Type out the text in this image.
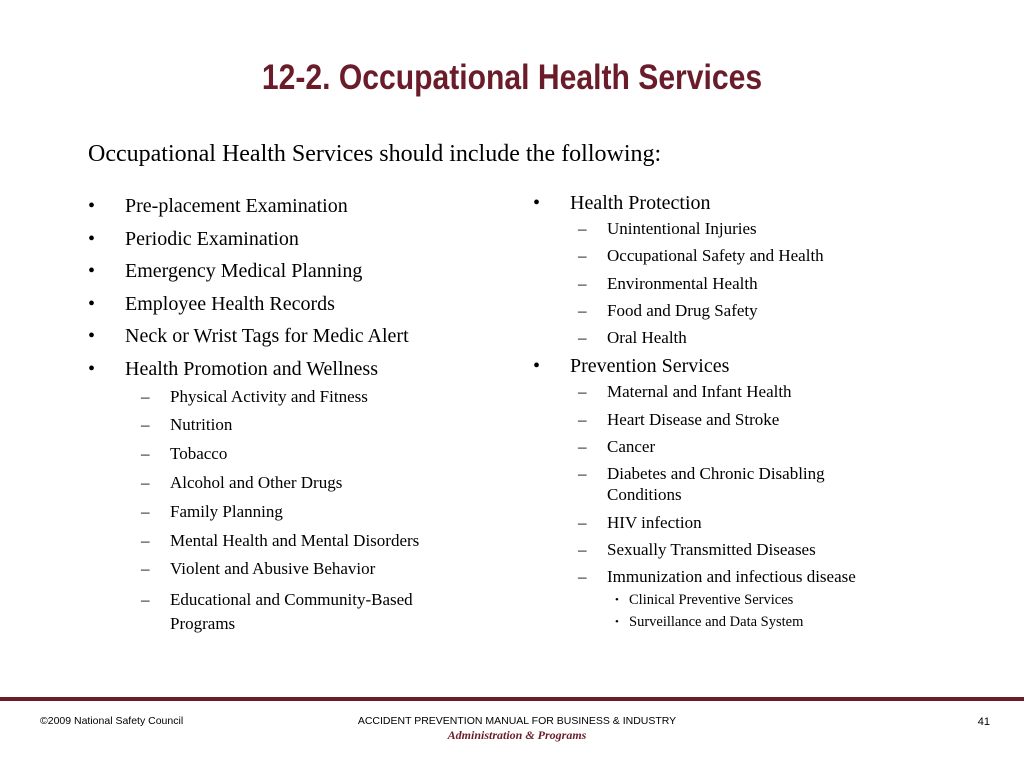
12-2. Occupational Health Services
Occupational Health Services should include the following:
•	Pre-placement Examination
•	Periodic Examination
•	Emergency Medical Planning
•	Employee Health Records
•	Neck or Wrist Tags for Medic Alert
•	Health Promotion and Wellness
–	Physical Activity and Fitness
–	Nutrition
–	Tobacco
–	Alcohol and Other Drugs
–	Family Planning
–	Mental Health and Mental Disorders
–	Violent and Abusive Behavior
–	Educational and Community-Based Programs
•	Health Protection
–	Unintentional Injuries
–	Occupational Safety and Health
–	Environmental Health
–	Food and Drug Safety
–	Oral Health
•	Prevention Services
–	Maternal and Infant Health
–	Heart Disease and Stroke
–	Cancer
–	Diabetes and Chronic Disabling Conditions
–	HIV infection
–	Sexually Transmitted Diseases
–	Immunization and infectious disease
• Clinical Preventive Services
• Surveillance and Data System
©2009 National Safety Council	ACCIDENT PREVENTION MANUAL FOR BUSINESS & INDUSTRY
Administration & Programs
41
